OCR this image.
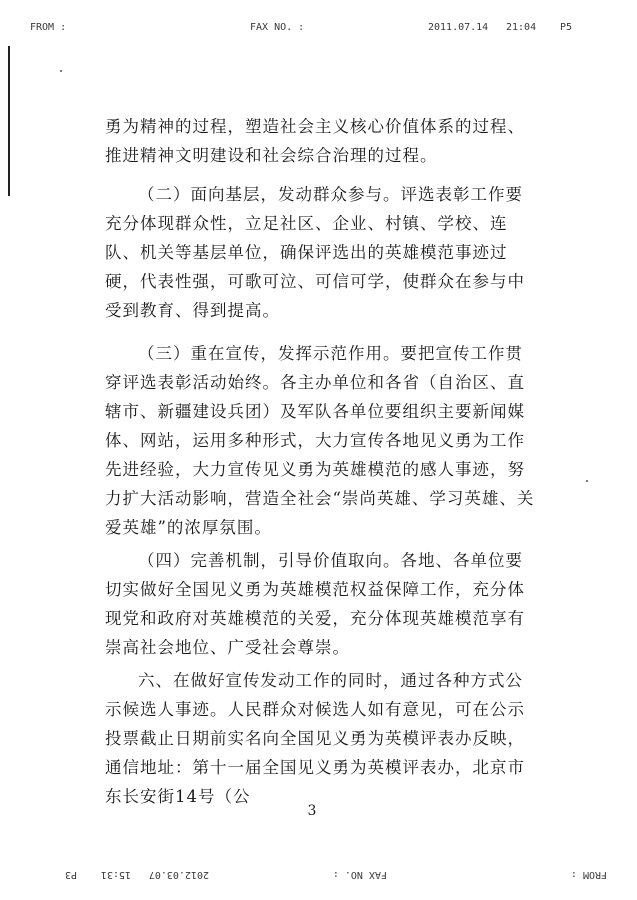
FROM :	FAX NO. :	2011.07.14 21:04 P5

勇为精神的过程，塑造社会主义核心价值体系的过程、推进精神文明建设和社会综合治理的过程。

（二）面向基层，发动群众参与。评选表彰工作要充分体现群众性，立足社区、企业、村镇、学校、连队、机关等基层单位，确保评选出的英雄模范事迹过硬，代表性强，可歌可泣、可信可学，使群众在参与中受到教育、得到提高。

（三）重在宣传，发挥示范作用。要把宣传工作贯穿评选表彰活动始终。各主办单位和各省（自治区、直辖市、新疆建设兵团）及军队各单位要组织主要新闻媒体、网站，运用多种形式，大力宣传各地见义勇为工作先进经验，大力宣传见义勇为英雄模范的感人事迹，努力扩大活动影响，营造全社会“崇尚英雄、学习英雄、关爱英雄”的浓厚氛围。

（四）完善机制，引导价值取向。各地、各单位要切实做好全国见义勇为英雄模范权益保障工作，充分体现党和政府对英雄模范的关爱，充分体现英雄模范享有崇高社会地位、广受社会尊崇。

六、在做好宣传发动工作的同时，通过各种方式公示候选人事迹。人民群众对候选人如有意见，可在公示投票截止日期前实名向全国见义勇为英模评表办反映，通信地址：第十一届全国见义勇为英模评表办，北京市东长安街14号（公

3
FROM :
FAX NO. :
2012.03.07
15:31
P3
